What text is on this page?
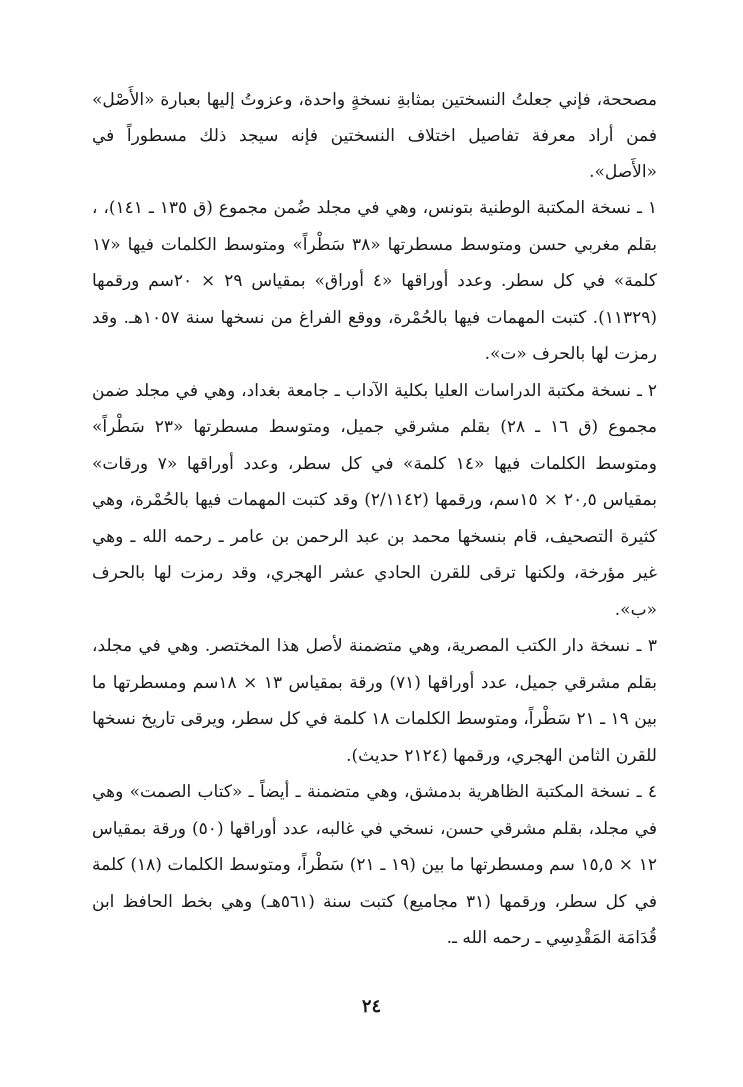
مصححة، فإني جعلتُ النسختين بمثابةِ نسخةٍ واحدة، وعزوتُ إليها بعبارة «الأَصْل» فمن أراد معرفة تفاصيل اختلاف النسختين فإنه سيجد ذلك مسطوراً في «الأَصل».

١ ـ نسخة المكتبة الوطنية بتونس، وهي في مجلد ضُمن مجموع (ق ١٣٥ ـ ١٤١)، ، بقلم مغربي حسن ومتوسط مسطرتها «٣٨ سَطْراً» ومتوسط الكلمات فيها «١٧ كلمة» في كل سطر. وعدد أوراقها «٤ أوراق» بمقياس ٢٩ × ٢٠سم ورقمها (١١٣٢٩). كتبت المهمات فيها بالحُمْرة، ووقع الفراغ من نسخها سنة ١٠٥٧هـ. وقد رمزت لها بالحرف «ت».
٢ ـ نسخة مكتبة الدراسات العليا بكلية الآداب ـ جامعة بغداد، وهي في مجلد ضمن مجموع (ق ١٦ ـ ٢٨) بقلم مشرقي جميل، ومتوسط مسطرتها «٢٣ سَطْراً» ومتوسط الكلمات فيها «١٤ كلمة» في كل سطر، وعدد أوراقها «٧ ورقات» بمقياس ٢٠,٥ × ١٥سم، ورقمها (٢/١١٤٢) وقد كتبت المهمات فيها بالحُمْرة، وهي كثيرة التصحيف، قام بنسخها محمد بن عبد الرحمن بن عامر ـ رحمه الله ـ وهي غير مؤرخة، ولكنها ترقى للقرن الحادي عشر الهجري، وقد رمزت لها بالحرف «ب».
٣ ـ نسخة دار الكتب المصرية، وهي متضمنة لأصل هذا المختصر. وهي في مجلد، بقلم مشرقي جميل، عدد أوراقها (٧١) ورقة بمقياس ١٣ × ١٨سم ومسطرتها ما بين ١٩ ـ ٢١ سَطْراً، ومتوسط الكلمات ١٨ كلمة في كل سطر، ويرقى تاريخ نسخها للقرن الثامن الهجري، ورقمها (٢١٢٤ حديث).
٤ ـ نسخة المكتبة الظاهرية بدمشق، وهي متضمنة ـ أيضاً ـ «كتاب الصمت» وهي في مجلد، بقلم مشرقي حسن، نسخي في غالبه، عدد أوراقها (٥٠) ورقة بمقياس ١٢ × ١٥,٥ سم ومسطرتها ما بين (١٩ ـ ٢١) سَطْراً، ومتوسط الكلمات (١٨) كلمة في كل سطر، ورقمها (٣١ مجاميع) كتبت سنة (٥٦١هـ) وهي بخط الحافظ ابن قُدَامَة المَقْدِسِي ـ رحمه الله ـ.
٢٤
